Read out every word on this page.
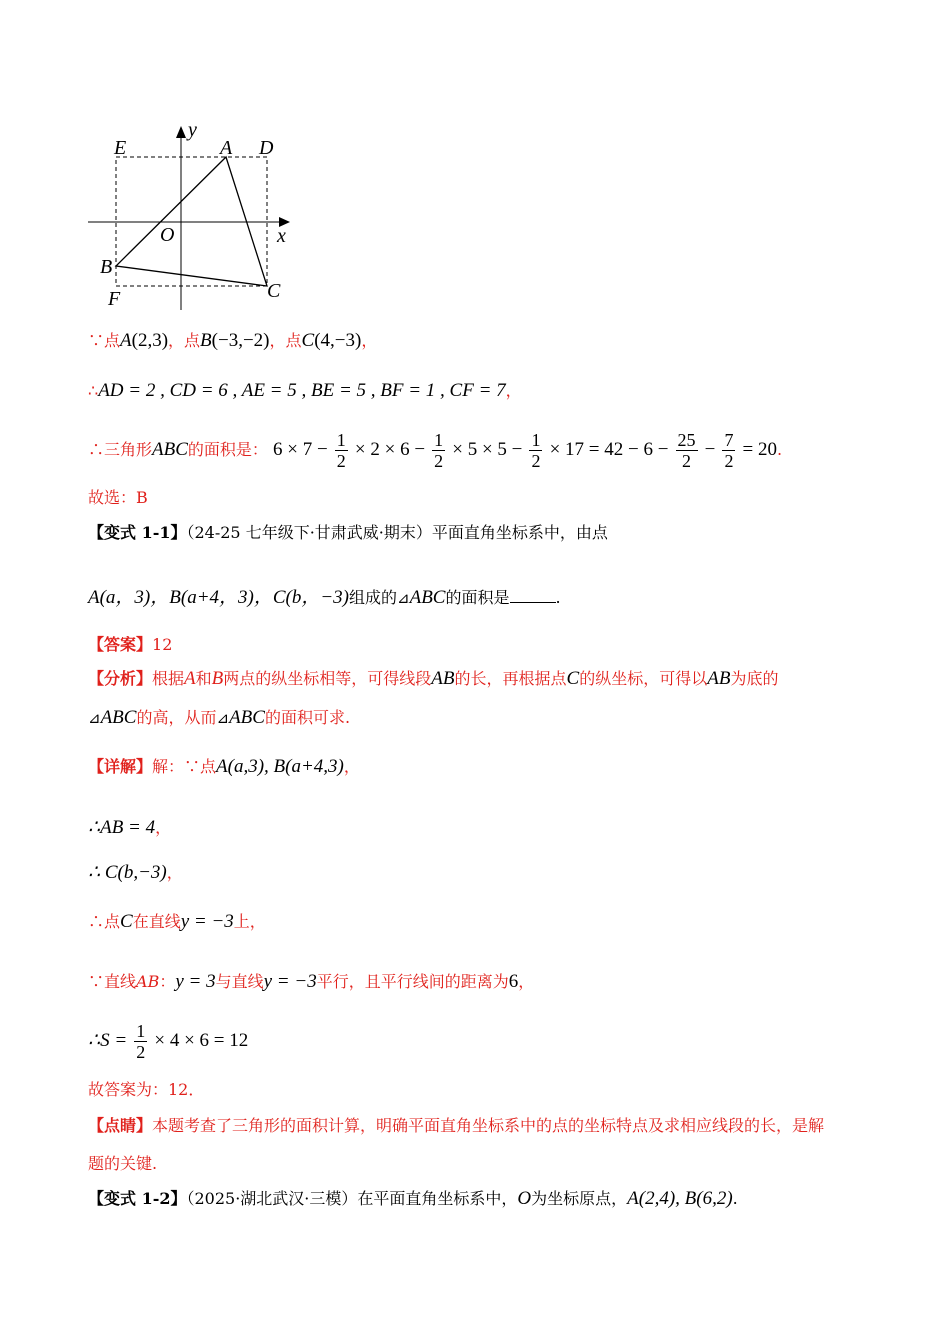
E	A D
y
O	x
B
F	C
∵点A(2,3)，点B(−3,−2)，点C(4,−3)，
∴AD = 2 , CD = 6 , AE = 5 , BE = 5 , BF = 1 , CF = 7，
∴三角形ABC的面积是： $6 \times 7 - \frac{1}{2} \times 2 \times 6 - \frac{1}{2} \times 5 \times 5 - \frac{1}{2} \times 17 = 42 - 6 - \frac{25}{2} - \frac{7}{2} = 20$.
故选：B
【变式 1-1】（24-25 七年级下·甘肃武威·期末）平面直角坐标系中，由点
A(a，3)，B(a+4，3)，C(b，−3)组成的⊿ABC的面积是	.
【答案】12
【分析】根据A和B两点的纵坐标相等，可得线段AB的长，再根据点C的纵坐标，可得以AB为底的
⊿ABC的高，从而⊿ABC的面积可求.
【详解】解：∵点A(a,3), B(a+4,3)，
∴AB = 4，
∴ C(b,−3)，
∴点C在直线y = −3上，
∵直线AB：y = 3与直线y = −3平行，且平行线间的距离为6，
∴S = $\frac{1}{2} \times 4 \times 6 = 12$
故答案为：12．
【点睛】本题考查了三角形的面积计算，明确平面直角坐标系中的点的坐标特点及求相应线段的长，是解
题的关键.
【变式 1-2】（2025·湖北武汉·三模）在平面直角坐标系中，O为坐标原点，A(2,4), B(6,2).
